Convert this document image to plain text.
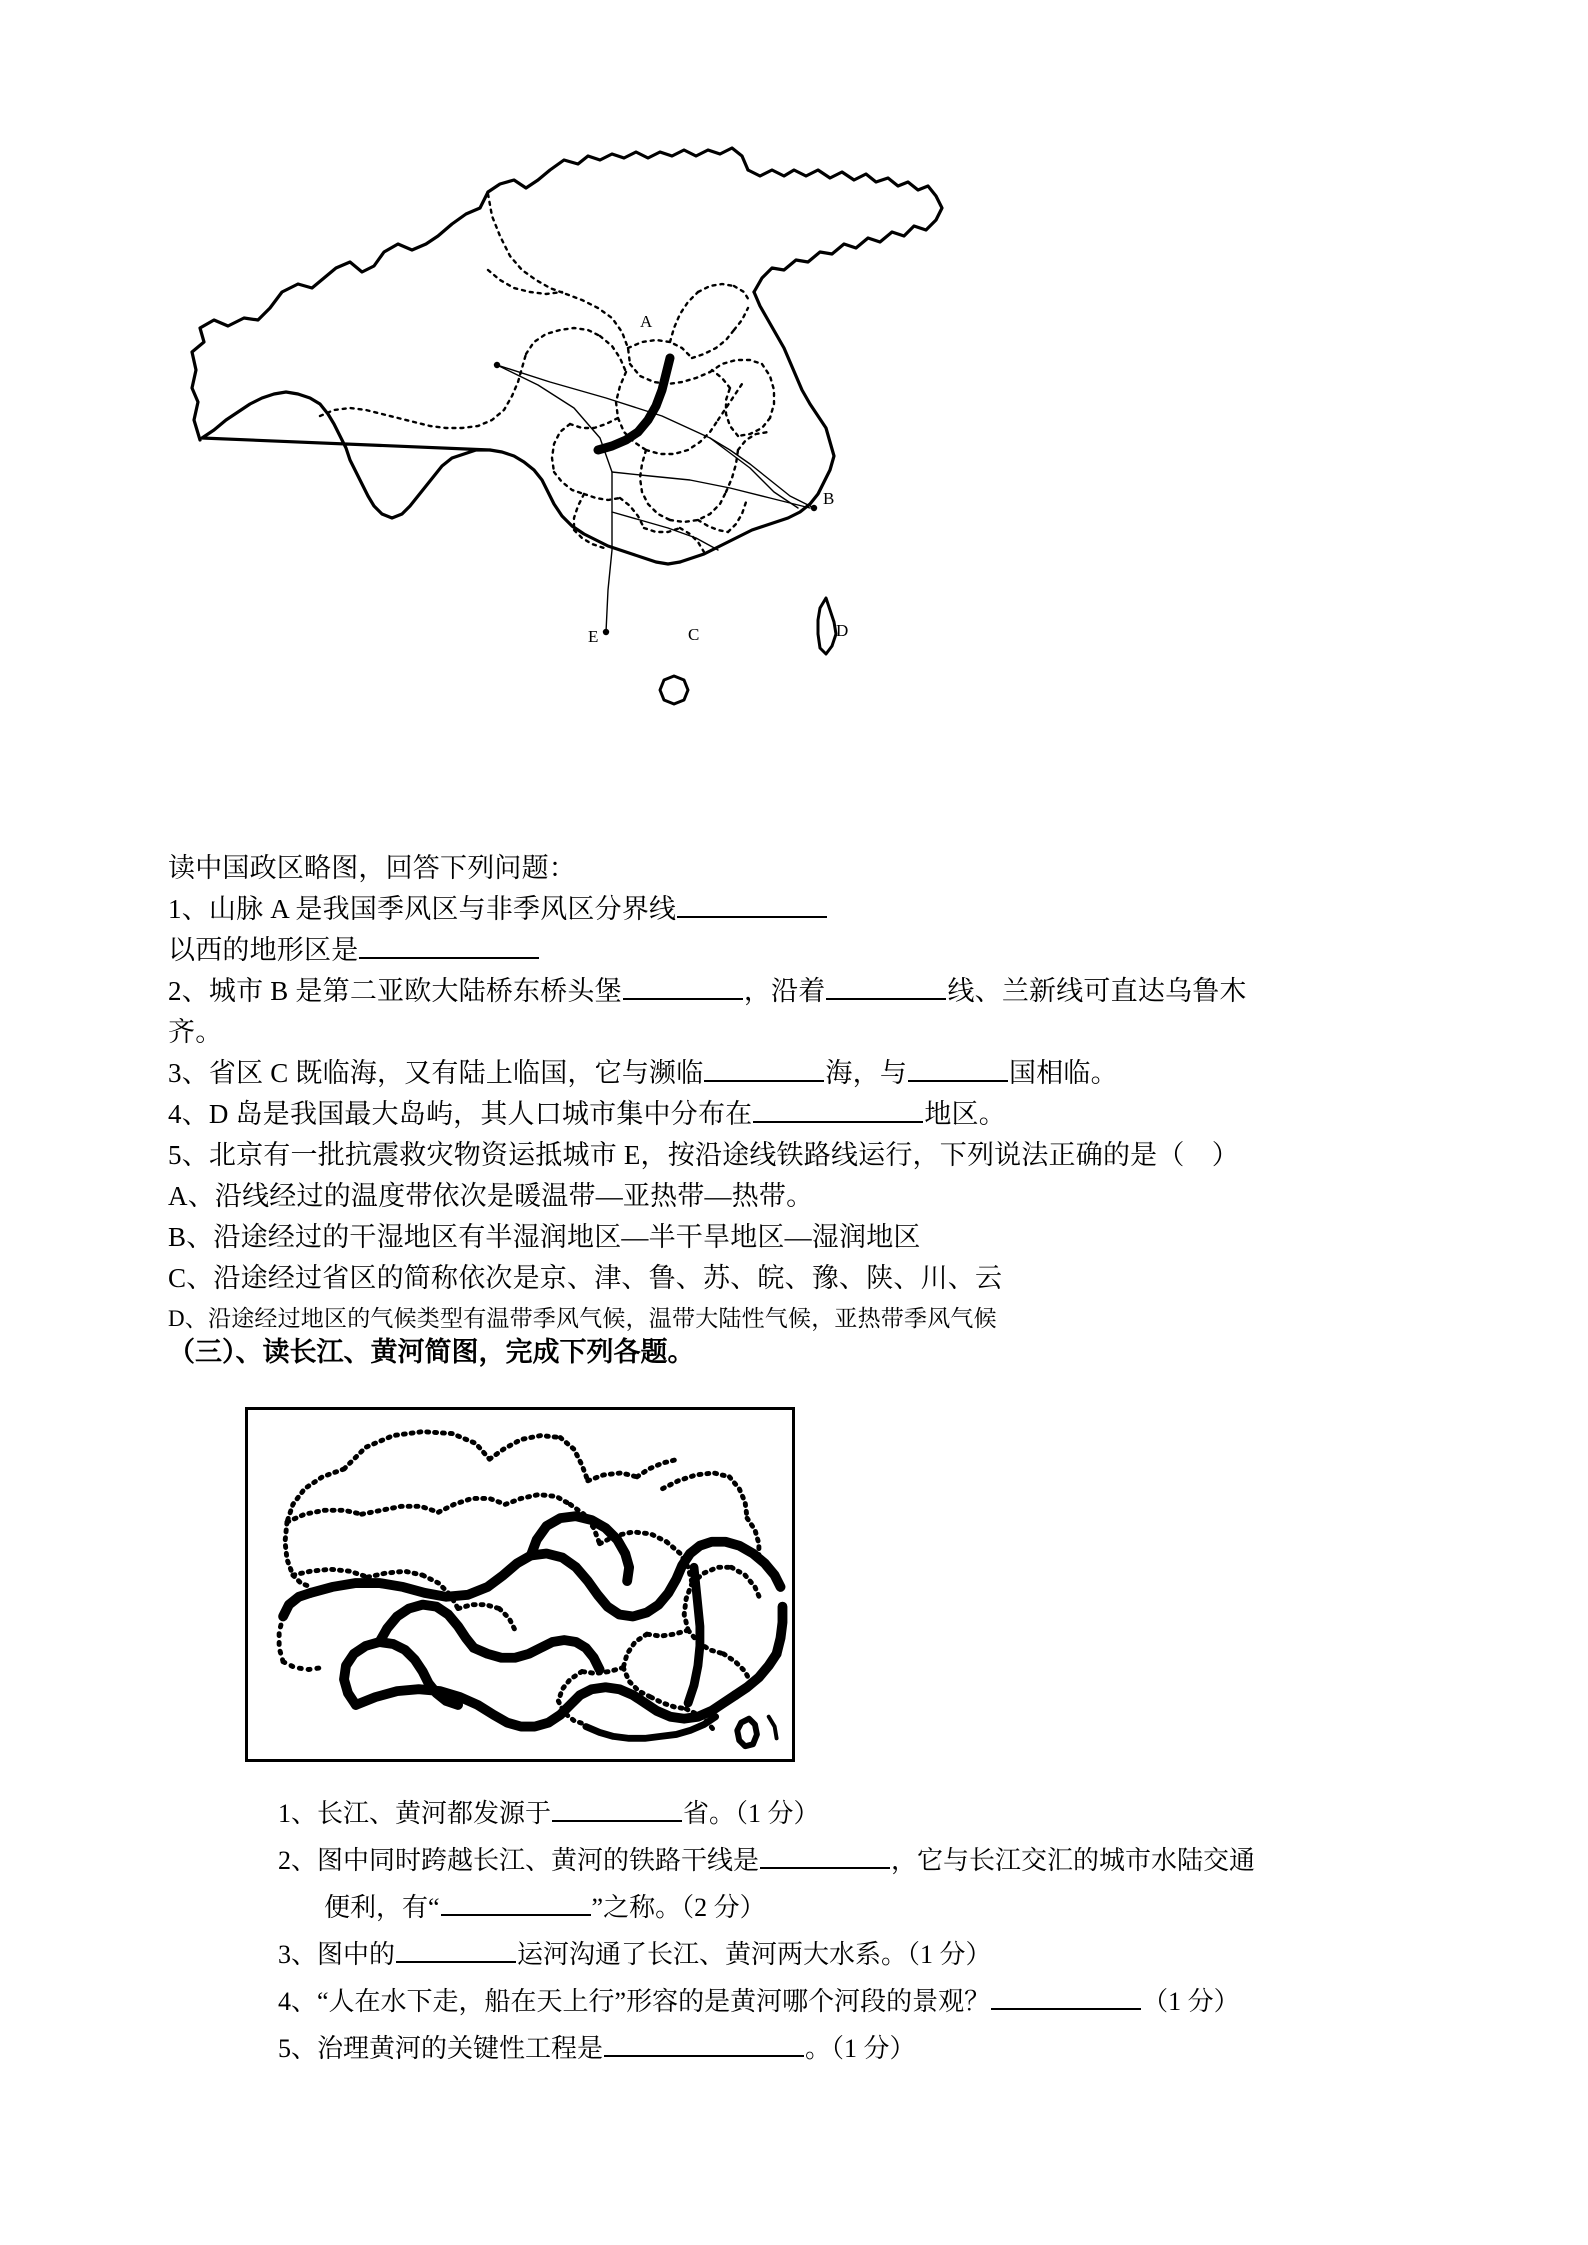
A
B
C	D
E
读中国政区略图，回答下列问题：
1、山脉 A 是我国季风区与非季风区分界线
以西的地形区是
2、城市 B 是第二亚欧大陆桥东桥头堡	，沿着	线、兰新线可直达乌鲁木
齐。
3、省区 C 既临海，又有陆上临国，它与濒临	海，与	国相临。
4、D 岛是我国最大岛屿，其人口城市集中分布在	地区。
5、北京有一批抗震救灾物资运抵城市 E，按沿途线铁路线运行，下列说法正确的是（　）
A、沿线经过的温度带依次是暖温带—亚热带—热带。
B、沿途经过的干湿地区有半湿润地区—半干旱地区—湿润地区
C、沿途经过省区的简称依次是京、津、鲁、苏、皖、豫、陕、川、云
D、沿途经过地区的气候类型有温带季风气候，温带大陆性气候，亚热带季风气候
（三）、读长江、黄河简图，完成下列各题。
1、长江、黄河都发源于	省。（1 分）
2、图中同时跨越长江、黄河的铁路干线是	，它与长江交汇的城市水陆交通
便利，有“	”之称。（2 分）
3、图中的	运河沟通了长江、黄河两大水系。（1 分）
4、“人在水下走，船在天上行”形容的是黄河哪个河段的景观？	（1 分）
5、治理黄河的关键性工程是	。（1 分）
